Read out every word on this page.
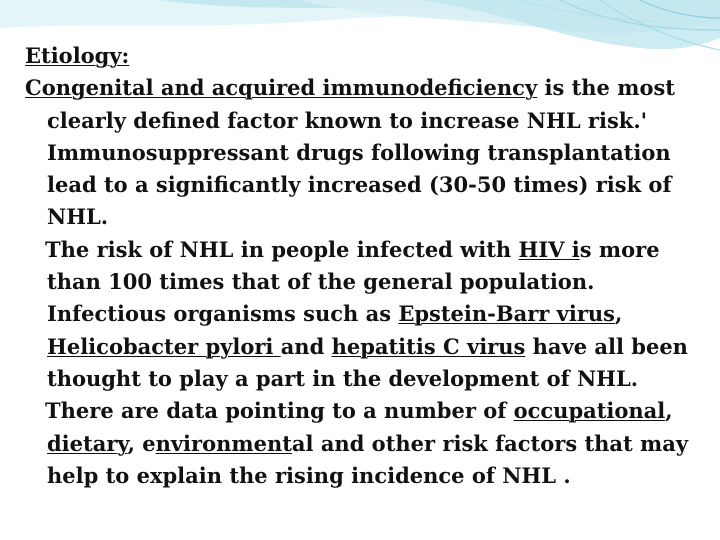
Etiology:

Congenital and acquired immunodeficiency is the most clearly defined factor known to increase NHL risk.' Immunosuppressant drugs following transplantation lead to a significantly increased (30-50 times) risk of NHL.

The risk of NHL in people infected with HIV is more than 100 times that of the general population. Infectious organisms such as Epstein-Barr virus, Helicobacter pylori and hepatitis C virus have all been thought to play a part in the development of NHL.

There are data pointing to a number of occupational, dietary, environmental and other risk factors that may help to explain the rising incidence of NHL .
